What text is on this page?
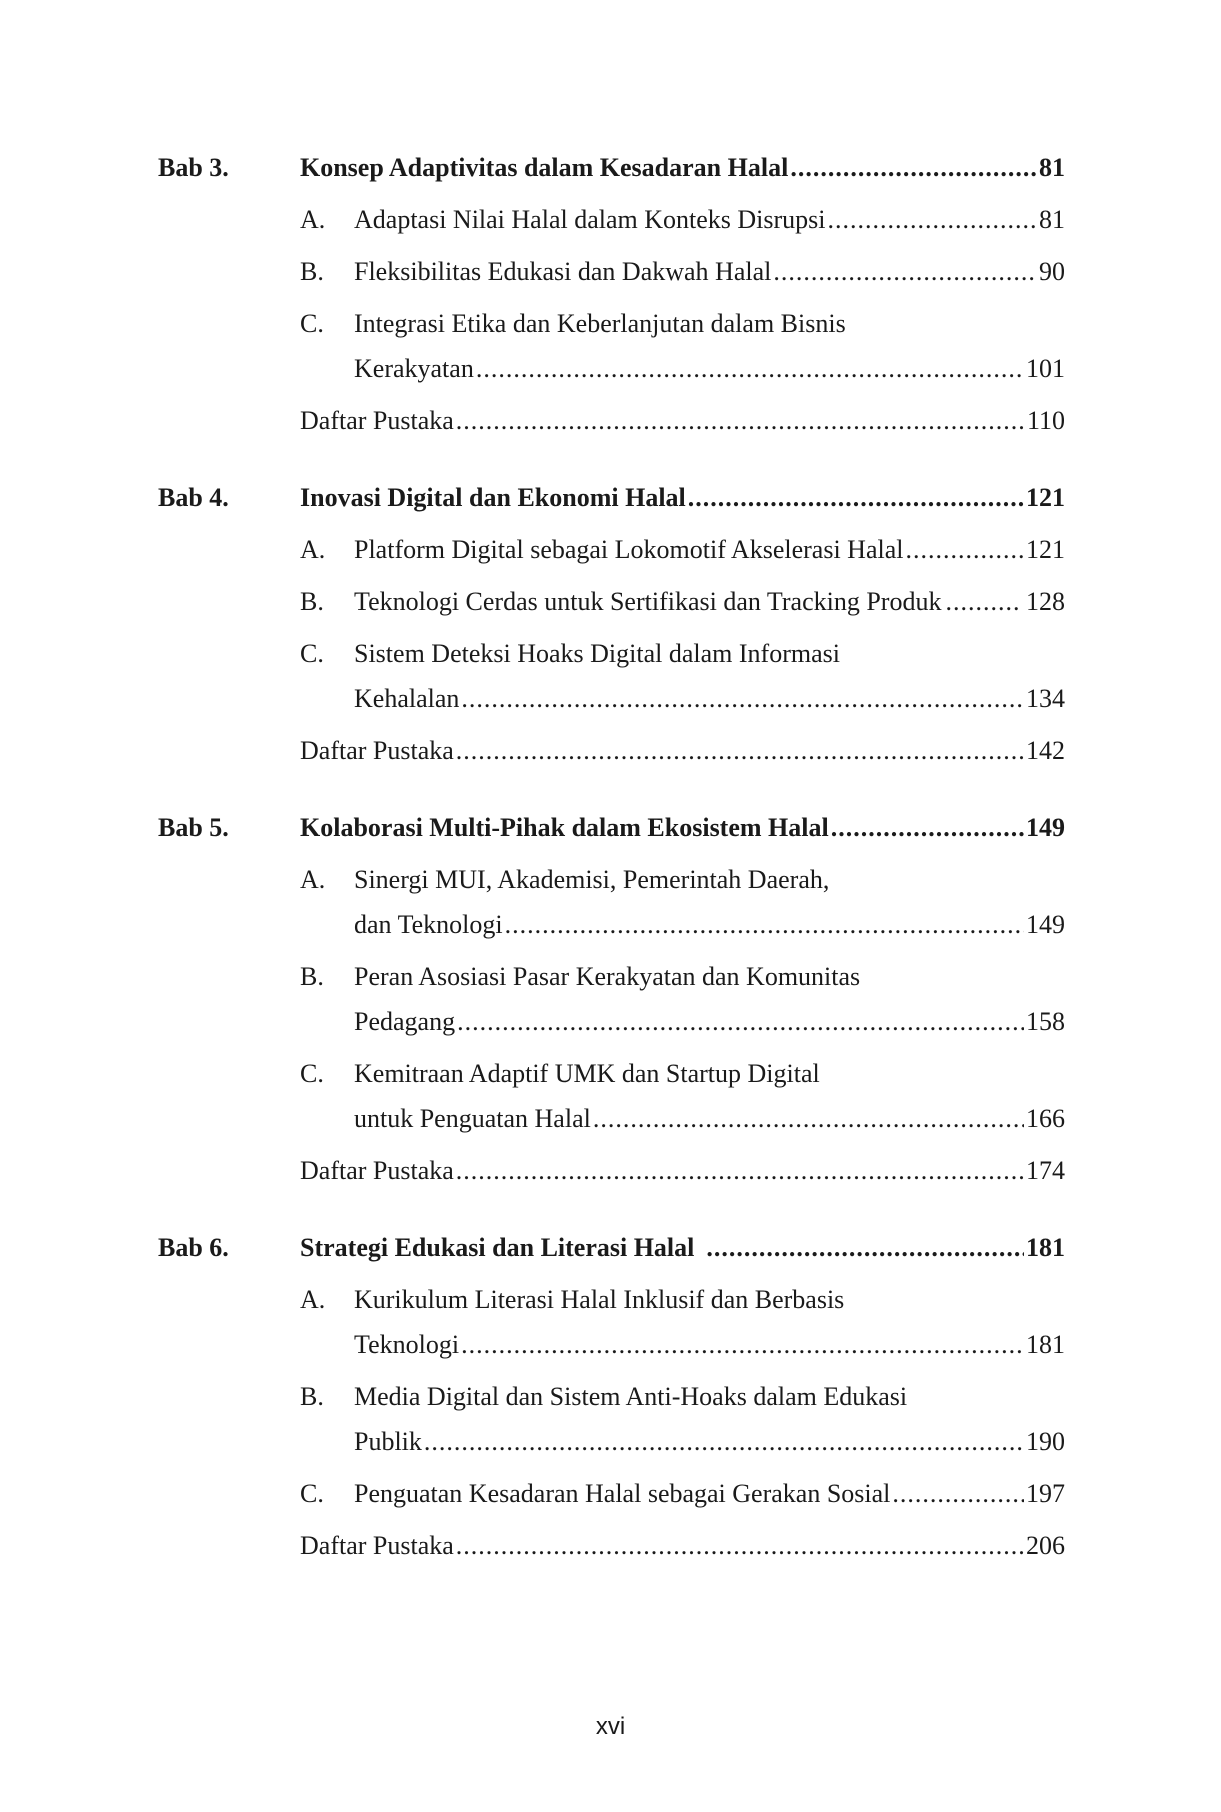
Bab 3.	Konsep Adaptivitas dalam Kesadaran Halal .....	81
A. Adaptasi Nilai Halal dalam Konteks Disrupsi .....	81
B. Fleksibilitas Edukasi dan Dakwah Halal .....	90
C. Integrasi Etika dan Keberlanjutan dalam Bisnis
Kerakyatan .....	101
Daftar Pustaka .....	110
Bab 4.	Inovasi Digital dan Ekonomi Halal .....	121
A. Platform Digital sebagai Lokomotif Akselerasi Halal .....	121
B. Teknologi Cerdas untuk Sertifikasi dan Tracking Produk .....	128
C. Sistem Deteksi Hoaks Digital dalam Informasi
Kehalalan .....	134
Daftar Pustaka .....	142
Bab 5.	Kolaborasi Multi-Pihak dalam Ekosistem Halal .....	149
A. Sinergi MUI, Akademisi, Pemerintah Daerah,
dan Teknologi .....	149
B. Peran Asosiasi Pasar Kerakyatan dan Komunitas
Pedagang .....	158
C. Kemitraan Adaptif UMK dan Startup Digital
untuk Penguatan Halal .....	166
Daftar Pustaka .....	174
Bab 6.	Strategi Edukasi dan Literasi Halal .....	181
A. Kurikulum Literasi Halal Inklusif dan Berbasis
Teknologi .....	181
B. Media Digital dan Sistem Anti-Hoaks dalam Edukasi
Publik .....	190
C. Penguatan Kesadaran Halal sebagai Gerakan Sosial .....	197
Daftar Pustaka .....	206
xvi
